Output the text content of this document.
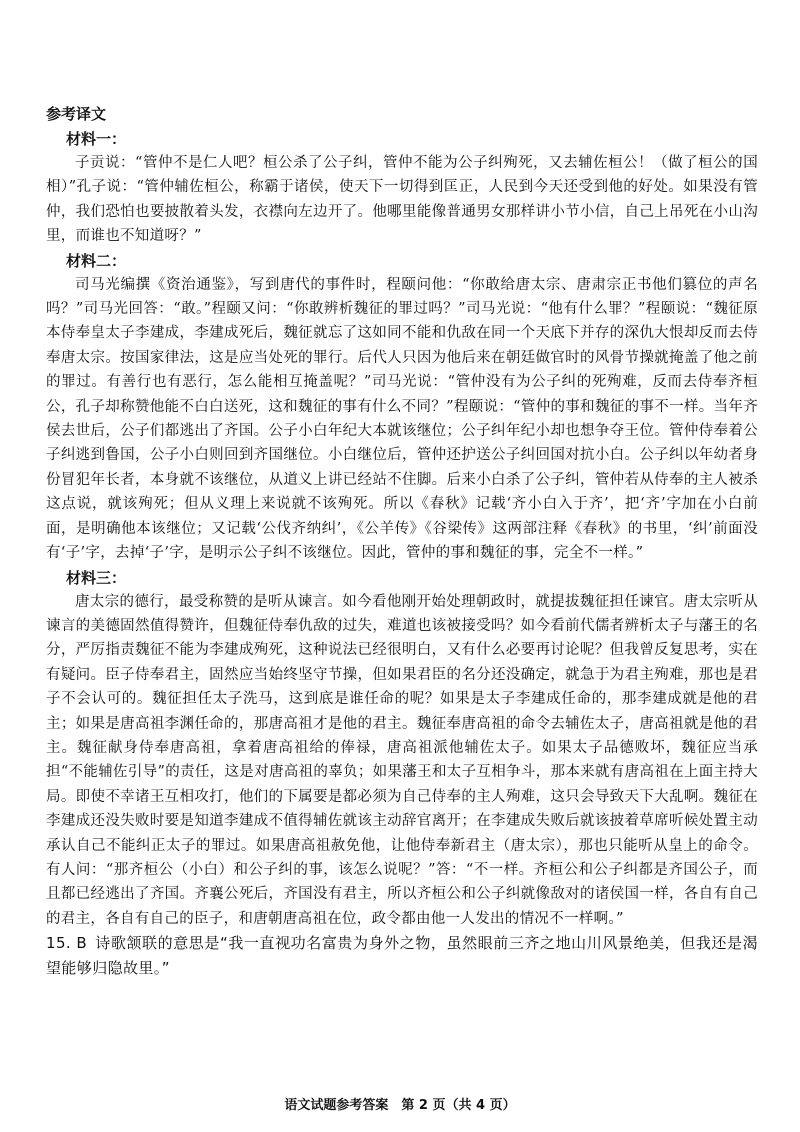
参考译文
材料一：
子贡说：“管仲不是仁人吧？桓公杀了公子纠，管仲不能为公子纠殉死，又去辅佐桓公！（做了桓公的国相）”孔子说：“管仲辅佐桓公，称霸于诸侯，使天下一切得到匡正，人民到今天还受到他的好处。如果没有管仲，我们恐怕也要披散着头发，衣襟向左边开了。他哪里能像普通男女那样讲小节小信，自己上吊死在小山沟里，而谁也不知道呀？”
材料二：
司马光编撰《资治通鉴》，写到唐代的事件时，程颐问他：“你敢给唐太宗、唐肃宗正书他们篡位的声名吗？”司马光回答：“敢。”程颐又问：“你敢辨析魏征的罪过吗？”司马光说：“他有什么罪？”程颐说：“魏征原本侍奉皇太子李建成，李建成死后，魏征就忘了这如同不能和仇敌在同一个天底下并存的深仇大恨却反而去侍奉唐太宗。按国家律法，这是应当处死的罪行。后代人只因为他后来在朝廷做官时的风骨节操就掩盖了他之前的罪过。有善行也有恶行，怎么能相互掩盖呢？”司马光说：“管仲没有为公子纠的死殉难，反而去侍奉齐桓公，孔子却称赞他能不白白送死，这和魏征的事有什么不同？”程颐说：“管仲的事和魏征的事不一样。当年齐侯去世后，公子们都逃出了齐国。公子小白年纪大本就该继位；公子纠年纪小却也想争夺王位。管仲侍奉着公子纠逃到鲁国，公子小白则回到齐国继位。小白继位后，管仲还护送公子纠回国对抗小白。公子纠以年幼者身份冒犯年长者，本身就不该继位，从道义上讲已经站不住脚。后来小白杀了公子纠，管仲若从侍奉的主人被杀这点说，就该殉死；但从义理上来说就不该殉死。所以《春秋》记载‘齐小白入于齐’，把‘齐’字加在小白前面，是明确他本该继位；又记载‘公伐齐纳纠’，《公羊传》《谷梁传》这两部注释《春秋》的书里，‘纠’前面没有‘子’字，去掉‘子’字，是明示公子纠不该继位。因此，管仲的事和魏征的事，完全不一样。”
材料三：
唐太宗的德行，最受称赞的是听从谏言。如今看他刚开始处理朝政时，就提拔魏征担任谏官。唐太宗听从谏言的美德固然值得赞许，但魏征侍奉仇敌的过失，难道也该被接受吗？如今看前代儒者辨析太子与藩王的名分，严厉指责魏征不能为李建成殉死，这种说法已经很明白，又有什么必要再讨论呢？但我曾反复思考，实在有疑问。臣子侍奉君主，固然应当始终坚守节操，但如果君臣的名分还没确定，就急于为君主殉难，那也是君子不会认可的。魏征担任太子洗马，这到底是谁任命的呢？如果是太子李建成任命的，那李建成就是他的君主；如果是唐高祖李渊任命的，那唐高祖才是他的君主。魏征奉唐高祖的命令去辅佐太子，唐高祖就是他的君主。魏征献身侍奉唐高祖，拿着唐高祖给的俸禄，唐高祖派他辅佐太子。如果太子品德败坏，魏征应当承担“不能辅佐引导”的责任，这是对唐高祖的辜负；如果藩王和太子互相争斗，那本来就有唐高祖在上面主持大局。即使不幸诸王互相攻打，他们的下属要是都必须为自己侍奉的主人殉难，这只会导致天下大乱啊。魏征在李建成还没失败时要是知道李建成不值得辅佐就该主动辞官离开；在李建成失败后就该披着草席听候处置主动承认自己不能纠正太子的罪过。如果唐高祖赦免他，让他侍奉新君主（唐太宗），那也只能听从皇上的命令。有人问：“那齐桓公（小白）和公子纠的事，该怎么说呢？”答：“不一样。齐桓公和公子纠都是齐国公子，而且都已经逃出了齐国。齐襄公死后，齐国没有君主，所以齐桓公和公子纠就像敌对的诸侯国一样，各自有自己的君主，各自有自己的臣子，和唐朝唐高祖在位，政令都由他一人发出的情况不一样啊。”
15. B 诗歌颔联的意思是“我一直视功名富贵为身外之物，虽然眼前三齐之地山川风景绝美，但我还是渴望能够归隐故里。”
语文试题参考答案　第 2 页（共 4 页）
